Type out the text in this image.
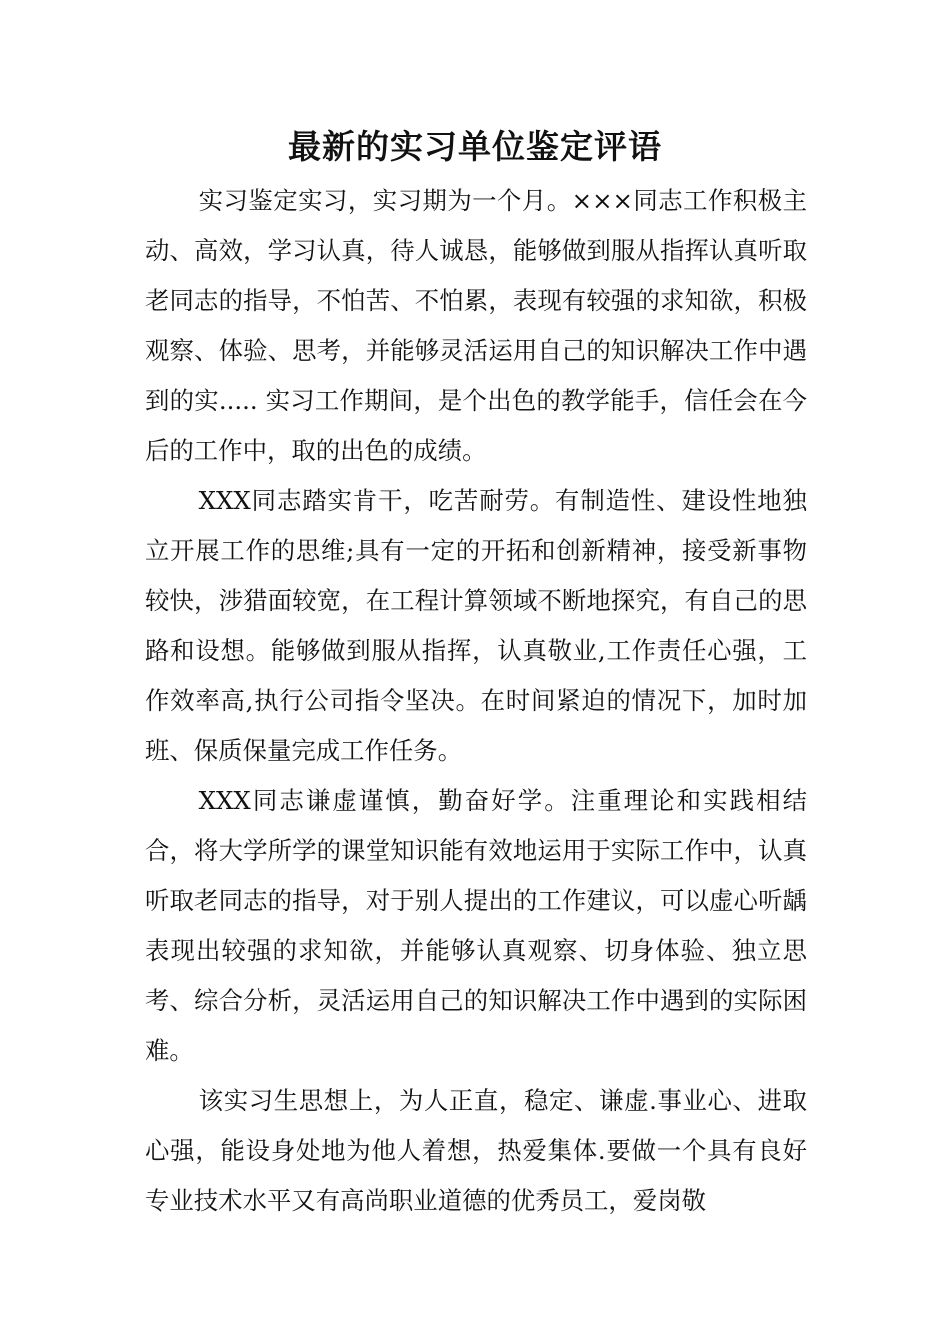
最新的实习单位鉴定评语

实习鉴定实习，实习期为一个月。×××同志工作积极主动、高效，学习认真，待人诚恳，能够做到服从指挥认真听取老同志的指导，不怕苦、不怕累，表现有较强的求知欲，积极观察、体验、思考，并能够灵活运用自己的知识解决工作中遇到的实..... 实习工作期间，是个出色的教学能手，信任会在今后的工作中，取的出色的成绩。

XXX同志踏实肯干，吃苦耐劳。有制造性、建设性地独立开展工作的思维;具有一定的开拓和创新精神，接受新事物较快，涉猎面较宽，在工程计算领域不断地探究，有自己的思路和设想。能够做到服从指挥，认真敬业,工作责任心强，工作效率高,执行公司指令坚决。在时间紧迫的情况下，加时加班、保质保量完成工作任务。

XXX同志谦虚谨慎，勤奋好学。注重理论和实践相结合，将大学所学的课堂知识能有效地运用于实际工作中，认真听取老同志的指导，对于别人提出的工作建议，可以虚心听龋表现出较强的求知欲，并能够认真观察、切身体验、独立思考、综合分析，灵活运用自己的知识解决工作中遇到的实际困难。

该实习生思想上，为人正直，稳定、谦虚.事业心、进取心强，能设身处地为他人着想，热爱集体.要做一个具有良好专业技术水平又有高尚职业道德的优秀员工，爱岗敬
